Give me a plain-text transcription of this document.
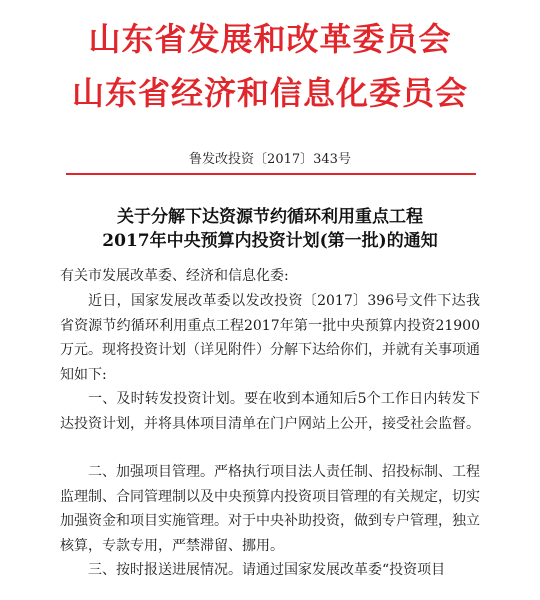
山东省发展和改革委员会
山东省经济和信息化委员会
鲁发改投资〔2017〕343号
关于分解下达资源节约循环利用重点工程
2017年中央预算内投资计划(第一批)的通知

有关市发展改革委、经济和信息化委:

近日，国家发展改革委以发改投资〔2017〕396号文件下达我省资源节约循环利用重点工程2017年第一批中央预算内投资21900万元。现将投资计划（详见附件）分解下达给你们，并就有关事项通知如下:

一、及时转发投资计划。要在收到本通知后5个工作日内转发下达投资计划，并将具体项目清单在门户网站上公开，接受社会监督。

二、加强项目管理。严格执行项目法人责任制、招投标制、工程监理制、合同管理制以及中央预算内投资项目管理的有关规定，切实加强资金和项目实施管理。对于中央补助投资，做到专户管理，独立核算，专款专用，严禁滞留、挪用。

三、按时报送进展情况。请通过国家发展改革委“投资项目
